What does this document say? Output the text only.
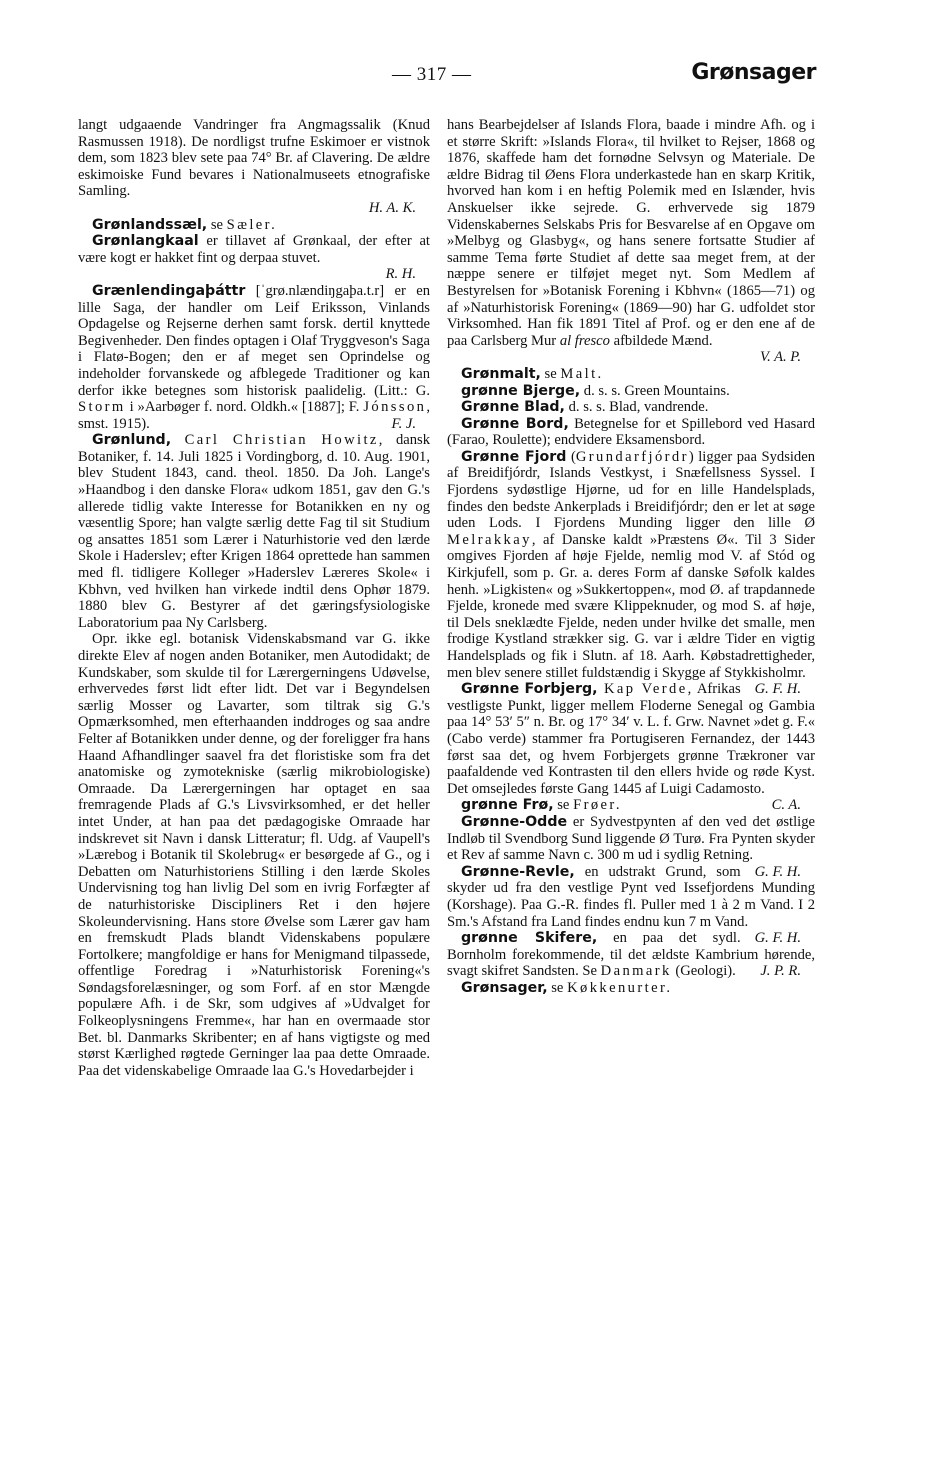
— 317 —	Grønsager

langt udgaaende Vandringer fra Angmagssalik (Knud Rasmussen 1918). De nordligst trufne Eskimoer er vistnok dem, som 1823 blev sete paa 74° Br. af Clavering. De ældre eskimoiske Fund bevares i Nationalmuseets etnografiske Samling.
H. A. K.

Grønlandssæl, se Sæler.

Grønlangkaal er tillavet af Grønkaal, der efter at være kogt er hakket fint og derpaa stuvet.
R. H.

Grænlendingaþáttr [ˈgrø.nlændiŋgaþa.t.r] er en lille Saga, der handler om Leif Eriksson, Vinlands Opdagelse og Rejserne derhen samt forsk. dertil knyttede Begivenheder. Den findes optagen i Olaf Tryggveson's Saga i Flatø-Bogen; den er af meget sen Oprindelse og indeholder forvanskede og afblegede Traditioner og kan derfor ikke betegnes som historisk paalidelig. (Litt.: G. Storm i »Aarbøger f. nord. Oldkh.« [1887]; F. Jónsson, smst. 1915).	F. J.

Grønlund, Carl Christian Howitz, dansk Botaniker, f. 14. Juli 1825 i Vordingborg, d. 10. Aug. 1901, blev Student 1843, cand. theol. 1850. Da Joh. Lange's »Haandbog i den danske Flora« udkom 1851, gav den G.'s allerede tidlig vakte Interesse for Botanikken en ny og væsentlig Spore; han valgte særlig dette Fag til sit Studium og ansattes 1851 som Lærer i Naturhistorie ved den lærde Skole i Haderslev; efter Krigen 1864 oprettede han sammen med fl. tidligere Kolleger »Haderslev Læreres Skole« i Kbhvn, ved hvilken han virkede indtil dens Ophør 1879. 1880 blev G. Bestyrer af det gæringsfysiologiske Laboratorium paa Ny Carlsberg.

Opr. ikke egl. botanisk Videnskabsmand var G. ikke direkte Elev af nogen anden Botaniker, men Autodidakt; de Kundskaber, som skulde til for Lærergerningens Udøvelse, erhvervedes først lidt efter lidt. Det var i Begyndelsen særlig Mosser og Lavarter, som tiltrak sig G.'s Opmærksomhed, men efterhaanden inddroges og saa andre Felter af Botanikken under denne, og der foreligger fra hans Haand Afhandlinger saavel fra det floristiske som fra det anatomiske og zymotekniske (særlig mikrobiologiske) Omraade. Da Lærergerningen har optaget en saa fremragende Plads af G.'s Livsvirksomhed, er det heller intet Under, at han paa det pædagogiske Omraade har indskrevet sit Navn i dansk Litteratur; fl. Udg. af Vaupell's »Lærebog i Botanik til Skolebrug« er besørgede af G., og i Debatten om Naturhistoriens Stilling i den lærde Skoles Undervisning tog han livlig Del som en ivrig Forfægter af de naturhistoriske Discipliners Ret i den højere Skoleundervisning. Hans store Øvelse som Lærer gav ham en fremskudt Plads blandt Videnskabens populære Fortolkere; mangfoldige er hans for Menigmand tilpassede, offentlige Foredrag i »Naturhistorisk Forening«'s Søndagsforelæsninger, og som Forf. af en stor Mængde populære Afh. i de Skr, som udgives af »Udvalget for Folkeoplysningens Fremme«, har han en overmaade stor Bet. bl. Danmarks Skribenter; en af hans vigtigste og med størst Kærlighed røgtede Gerninger laa paa dette Omraade. Paa det videnskabelige Omraade laa G.'s Hovedarbejder i

hans Bearbejdelser af Islands Flora, baade i mindre Afh. og i et større Skrift: »Islands Flora«, til hvilket to Rejser, 1868 og 1876, skaffede ham det fornødne Selvsyn og Materiale. De ældre Bidrag til Øens Flora underkastede han en skarp Kritik, hvorved han kom i en heftig Polemik med en Islænder, hvis Anskuelser ikke sejrede. G. erhvervede sig 1879 Videnskabernes Selskabs Pris for Besvarelse af en Opgave om »Melbyg og Glasbyg«, og hans senere fortsatte Studier af samme Tema førte Studiet af dette saa meget frem, at der næppe senere er tilføjet meget nyt. Som Medlem af Bestyrelsen for »Botanisk Forening i Kbhvn« (1865—71) og af »Naturhistorisk Forening« (1869—90) har G. udfoldet stor Virksomhed. Han fik 1891 Titel af Prof. og er den ene af de paa Carlsberg Mur al fresco afbildede Mænd.
V. A. P.

Grønmalt, se Malt.

grønne Bjerge, d. s. s. Green Mountains.

Grønne Blad, d. s. s. Blad, vandrende.

Grønne Bord, Betegnelse for et Spillebord ved Hasard (Farao, Roulette); endvidere Eksamensbord.

Grønne Fjord (Grundarfjórdr) ligger paa Sydsiden af Breidifjórdr, Islands Vestkyst, i Snæfellsness Syssel. I Fjordens sydøstlige Hjørne, ud for en lille Handelsplads, findes den bedste Ankerplads i Breidifjórdr; den er let at søge uden Lods. I Fjordens Munding ligger den lille Ø Melrakkay, af Danske kaldt »Præstens Ø«. Til 3 Sider omgives Fjorden af høje Fjelde, nemlig mod V. af Stód og Kirkjufell, som p. Gr. a. deres Form af danske Søfolk kaldes henh. »Ligkisten« og »Sukkertoppen«, mod Ø. af trapdannede Fjelde, kronede med svære Klippeknuder, og mod S. af høje, til Dels sneklædte Fjelde, neden under hvilke det smalle, men frodige Kystland strækker sig. G. var i ældre Tider en vigtig Handelsplads og fik i Slutn. af 18. Aarh. Købstadrettigheder, men blev senere stillet fuldstændig i Skygge af Stykkisholmr.
G. F. H.

Grønne Forbjerg, Kap Verde, Afrikas vestligste Punkt, ligger mellem Floderne Senegal og Gambia paa 14° 53′ 5″ n. Br. og 17° 34′ v. L. f. Grw. Navnet »det g. F.« (Cabo verde) stammer fra Portugiseren Fernandez, der 1443 først saa det, og hvem Forbjergets grønne Trækroner var paafaldende ved Kontrasten til den ellers hvide og røde Kyst. Det omsejledes første Gang 1445 af Luigi Cadamosto.
C. A.

grønne Frø, se Frøer.

Grønne-Odde er Sydvestpynten af den ved det østlige Indløb til Svendborg Sund liggende Ø Turø. Fra Pynten skyder et Rev af samme Navn c. 300 m ud i sydlig Retning.
G. F. H.

Grønne-Revle, en udstrakt Grund, som skyder ud fra den vestlige Pynt ved Issefjordens Munding (Korshage). Paa G.-R. findes fl. Puller med 1 à 2 m Vand. I 2 Sm.'s Afstand fra Land findes endnu kun 7 m Vand.
G. F. H.

grønne Skifere, en paa det sydl. Bornholm forekommende, til det ældste Kambrium hørende, svagt skifret Sandsten. Se Danmark (Geologi).	J. P. R.

Grønsager, se Køkkenurter.
